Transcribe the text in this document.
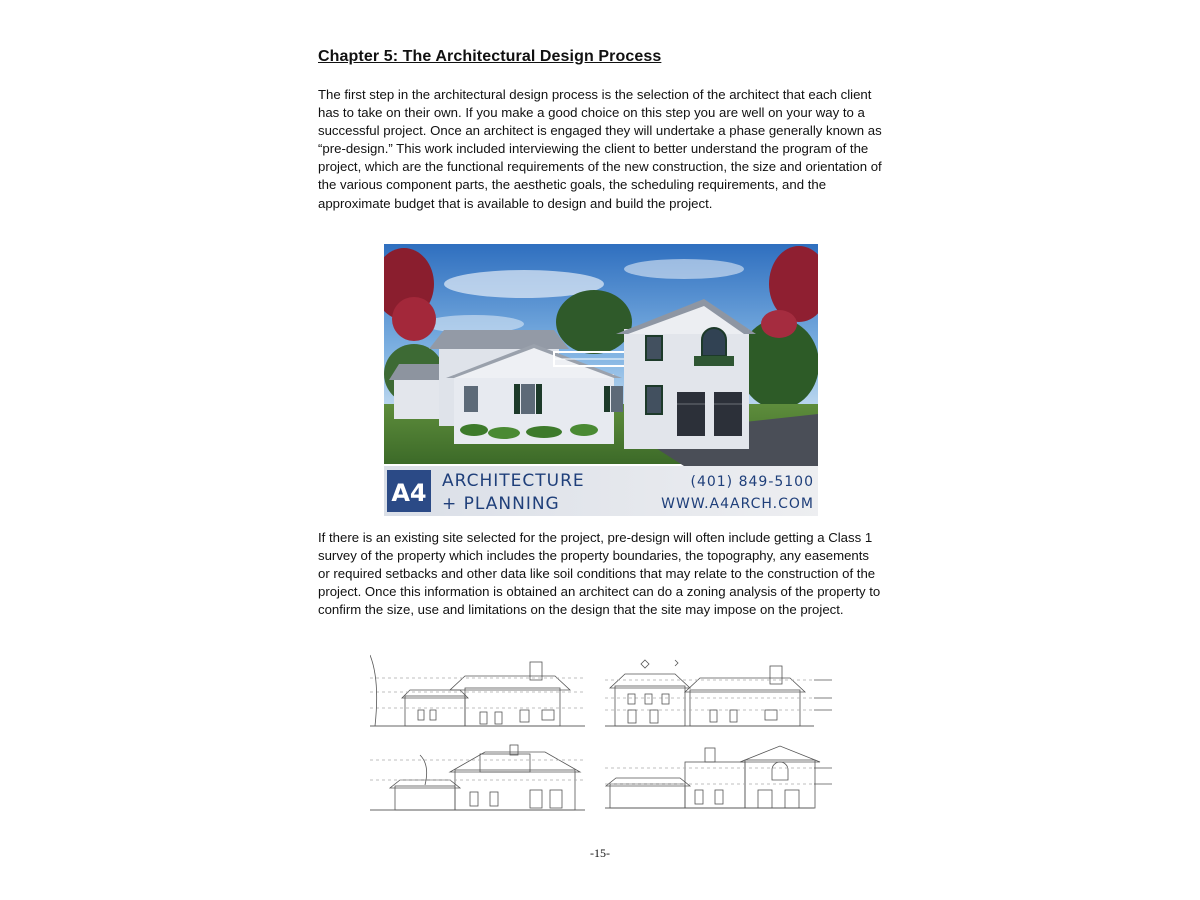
Chapter 5: The Architectural Design Process

The first step in the architectural design process is the selection of the architect that each client has to take on their own. If you make a good choice on this step you are well on your way to a successful project. Once an architect is engaged they will undertake a phase generally known as “pre-design.” This work included interviewing the client to better understand the program of the project, which are the functional requirements of the new construction, the size and orientation of the various component parts, the aesthetic goals, the scheduling requirements, and the approximate budget that is available to design and build the project.

A4 ARCHITECTURE
+ PLANNING
(401) 849-5100
WWW.A4ARCH.COM

If there is an existing site selected for the project, pre-design will often include getting a Class 1 survey of the property which includes the property boundaries, the topography, any easements or required setbacks and other data like soil conditions that may relate to the construction of the project. Once this information is obtained an architect can do a zoning analysis of the property to confirm the size, use and limitations on the design that the site may impose on the project.

-15-
